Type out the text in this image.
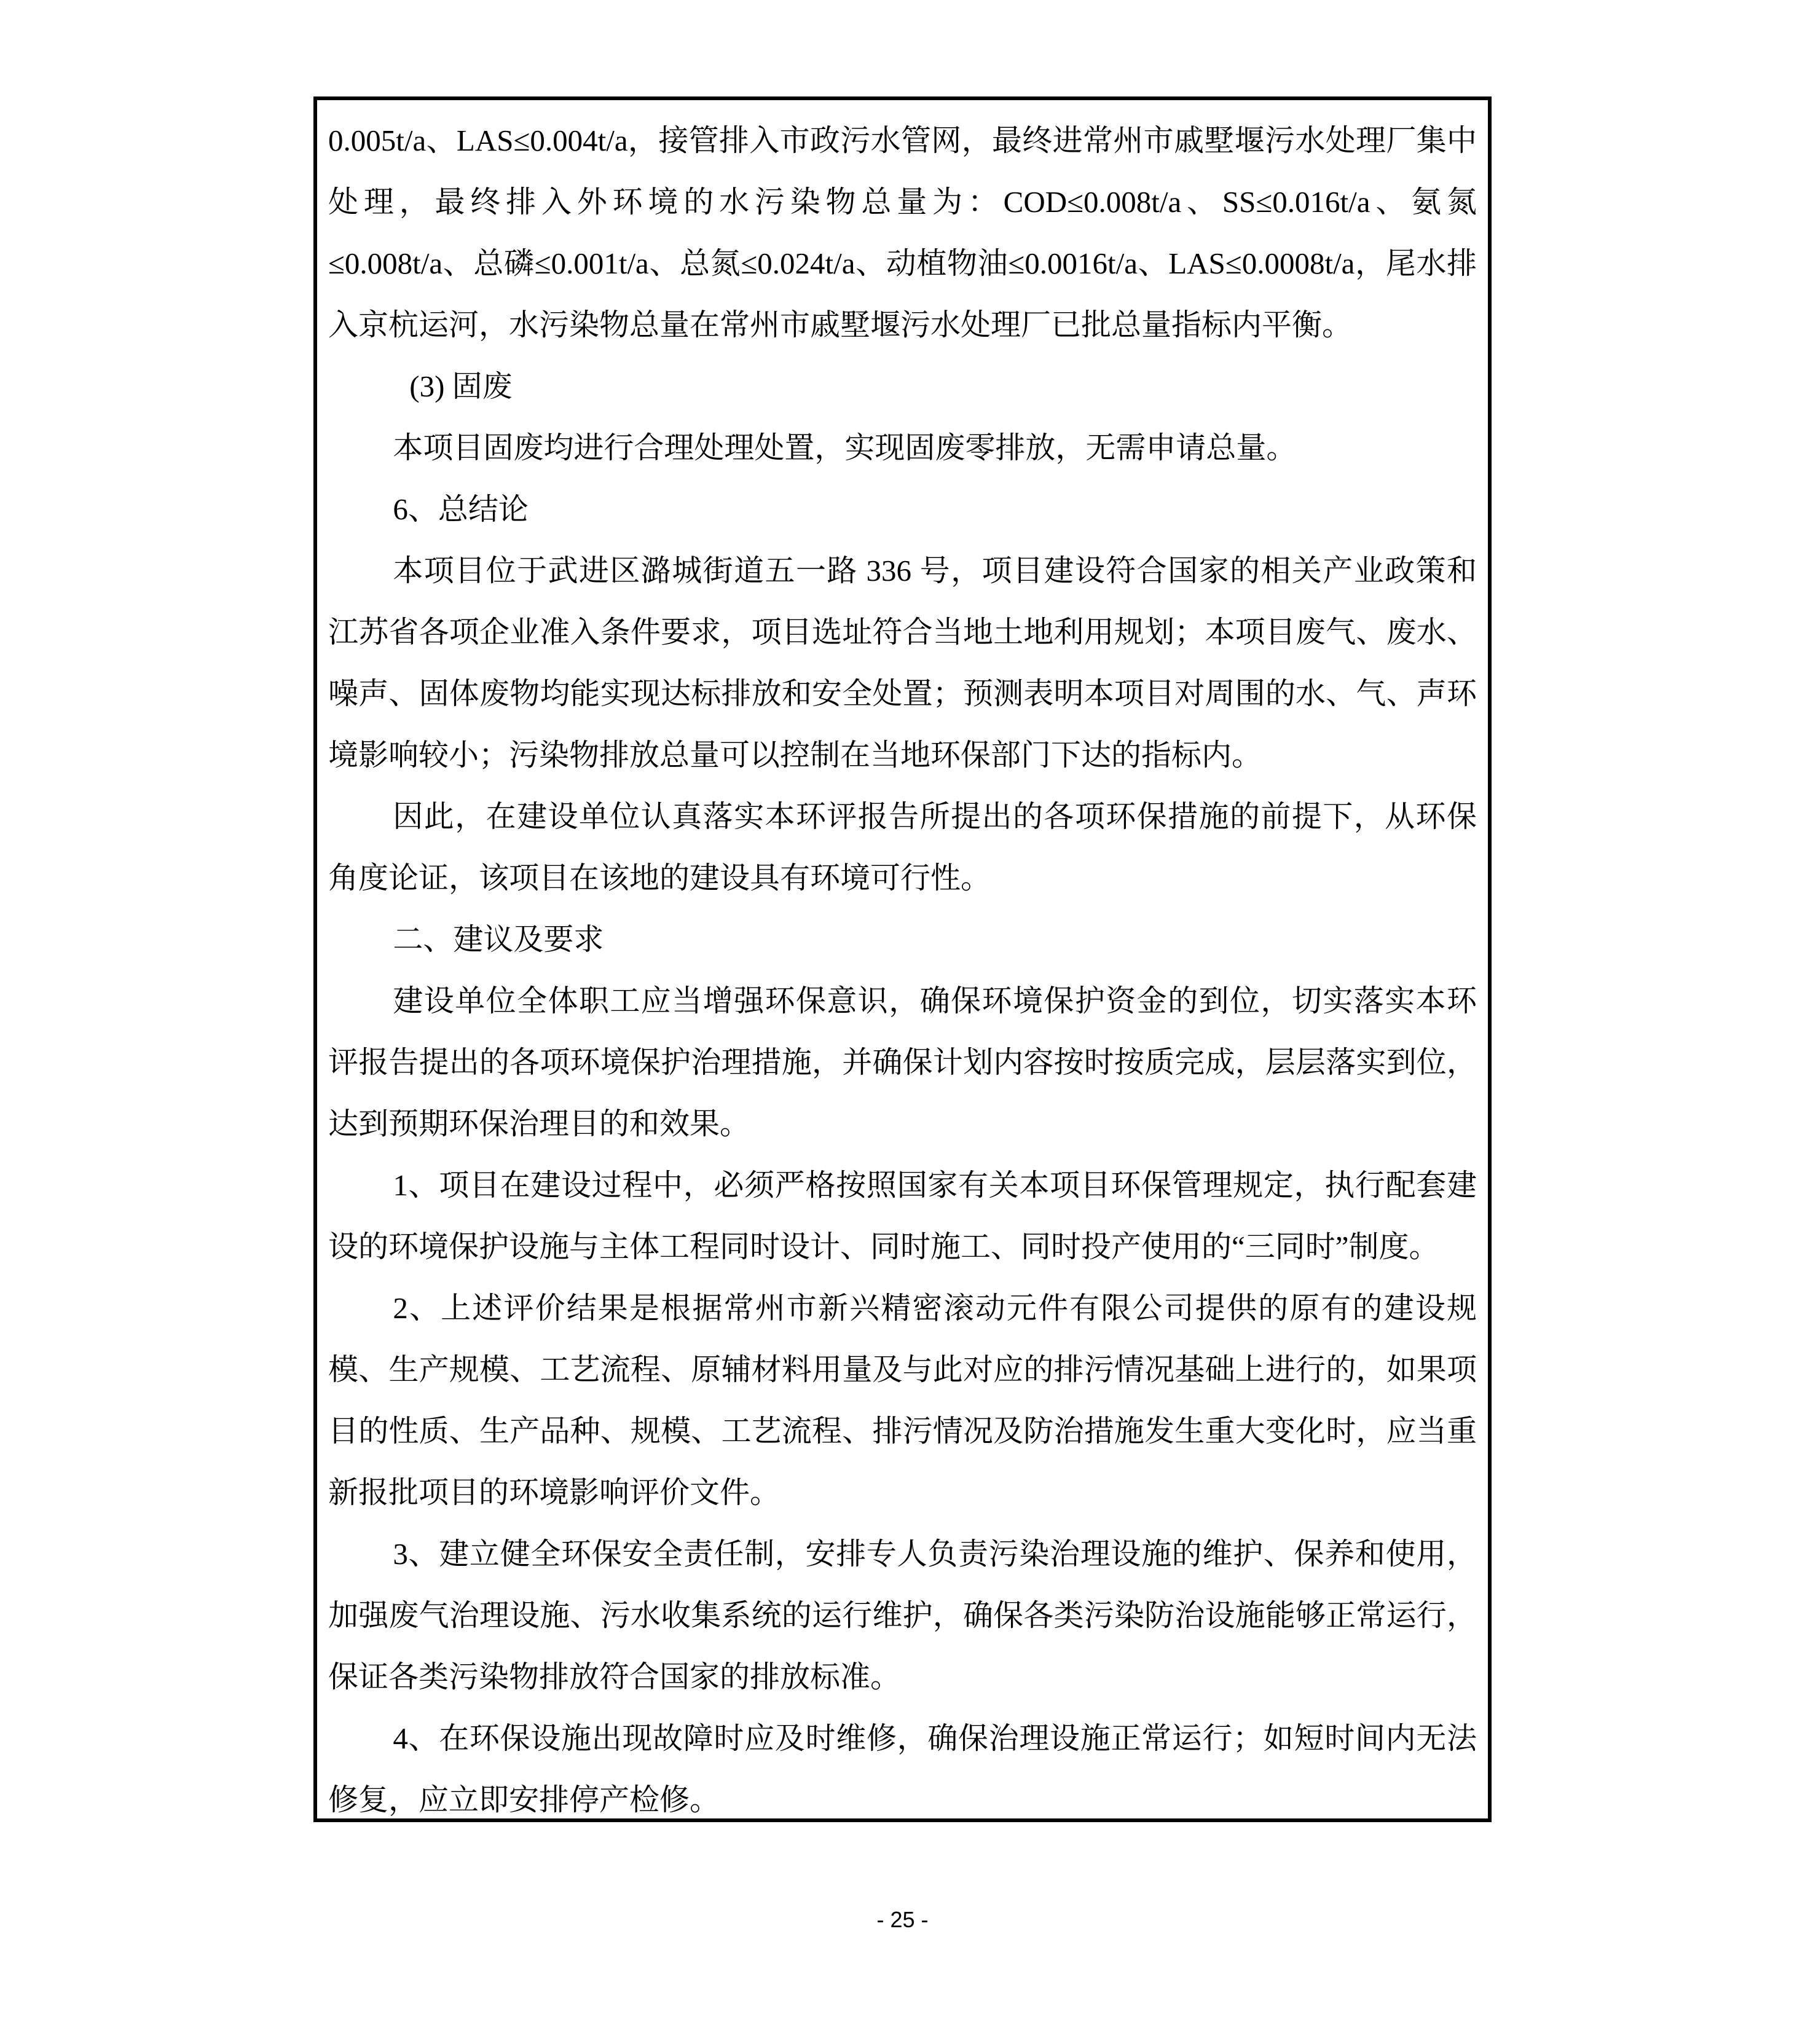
0.005t/a、LAS≤0.004t/a，接管排入市政污水管网，最终进常州市戚墅堰污水处理厂集中处理，最终排入外环境的水污染物总量为：COD≤0.008t/a、SS≤0.016t/a、氨氮≤0.008t/a、总磷≤0.001t/a、总氮≤0.024t/a、动植物油≤0.0016t/a、LAS≤0.0008t/a，尾水排入京杭运河，水污染物总量在常州市戚墅堰污水处理厂已批总量指标内平衡。

(3) 固废

本项目固废均进行合理处理处置，实现固废零排放，无需申请总量。

6、总结论

本项目位于武进区潞城街道五一路 336 号，项目建设符合国家的相关产业政策和江苏省各项企业准入条件要求，项目选址符合当地土地利用规划；本项目废气、废水、噪声、固体废物均能实现达标排放和安全处置；预测表明本项目对周围的水、气、声环境影响较小；污染物排放总量可以控制在当地环保部门下达的指标内。

因此，在建设单位认真落实本环评报告所提出的各项环保措施的前提下，从环保角度论证，该项目在该地的建设具有环境可行性。

二、建议及要求

建设单位全体职工应当增强环保意识，确保环境保护资金的到位，切实落实本环评报告提出的各项环境保护治理措施，并确保计划内容按时按质完成，层层落实到位，达到预期环保治理目的和效果。

1、项目在建设过程中，必须严格按照国家有关本项目环保管理规定，执行配套建设的环境保护设施与主体工程同时设计、同时施工、同时投产使用的“三同时”制度。

2、上述评价结果是根据常州市新兴精密滚动元件有限公司提供的原有的建设规模、生产规模、工艺流程、原辅材料用量及与此对应的排污情况基础上进行的，如果项目的性质、生产品种、规模、工艺流程、排污情况及防治措施发生重大变化时，应当重新报批项目的环境影响评价文件。

3、建立健全环保安全责任制，安排专人负责污染治理设施的维护、保养和使用，加强废气治理设施、污水收集系统的运行维护，确保各类污染防治设施能够正常运行，保证各类污染物排放符合国家的排放标准。

4、在环保设施出现故障时应及时维修，确保治理设施正常运行；如短时间内无法修复，应立即安排停产检修。

- 25 -
